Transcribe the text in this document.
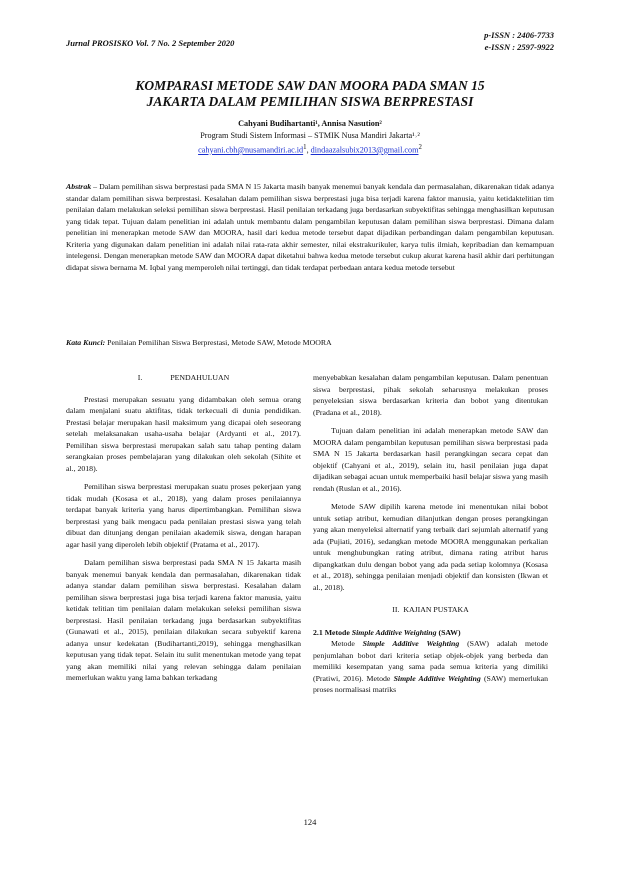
Jurnal PROSISKO Vol. 7 No. 2 September 2020
p-ISSN : 2406-7733
e-ISSN : 2597-9922
KOMPARASI METODE SAW DAN MOORA PADA SMAN 15
JAKARTA DALAM PEMILIHAN SISWA BERPRESTASI
Cahyani Budihartanti¹, Annisa Nasution²
Program Studi Sistem Informasi – STMIK Nusa Mandiri Jakarta¹˒²
$cahyani.cbh@nusamandiri.ac.id^1$, dindaazalsubix2013@gmail.com$^2$
Abstrak – Dalam pemilihan siswa berprestasi pada SMA N 15 Jakarta masih banyak menemui banyak kendala dan permasalahan, dikarenakan tidak adanya standar dalam pemilihan siswa berprestasi. Kesalahan dalam pemilihan siswa berprestasi juga bisa terjadi karena faktor manusia, yaitu ketidaktelitian tim penilaian dalam melakukan seleksi pemilihan siswa berprestasi. Hasil penilaian terkadang juga berdasarkan subyektifitas sehingga menghasilkan keputusan yang tidak tepat. Tujuan dalam penelitian ini adalah untuk membantu dalam pengambilan keputusan dalam pemilihan siswa berprestasi. Dimana dalam penelitian ini menerapkan metode SAW dan MOORA, hasil dari kedua metode tersebut dapat dijadikan perbandingan dalam pengambilan keputusan. Kriteria yang digunakan dalam penelitian ini adalah nilai rata-rata akhir semester, nilai ekstrakurikuler, karya tulis ilmiah, kepribadian dan kemampuan intelegensi. Dengan menerapkan metode SAW dan MOORA dapat diketahui bahwa kedua metode tersebut cukup akurat karena hasil akhir dari perhitungan didapat siswa bernama M. Iqbal yang memperoleh nilai tertinggi, dan tidak terdapat perbedaan antara kedua metode tersebut
Kata Kunci: Penilaian Pemilihan Siswa Berprestasi, Metode SAW, Metode MOORA
I.	PENDAHULUAN

Prestasi merupakan sesuatu yang didambakan oleh semua orang dalam menjalani suatu aktifitas, tidak terkecuali di dunia pendidikan. Prestasi belajar merupakan hasil maksimum yang dicapai oleh seseorang setelah melaksanakan usaha-usaha belajar (Ardyanti et al., 2017). Pemilihan siswa berprestasi merupakan salah satu tahap penting dalam serangkaian proses pembelajaran yang dilakukan oleh sekolah (Sihite et al., 2018).

Pemilihan siswa berprestasi merupakan suatu proses pekerjaan yang tidak mudah (Kosasa et al., 2018), yang dalam proses penilaiannya terdapat banyak kriteria yang harus dipertimbangkan. Pemilihan siswa berprestasi yang baik mengacu pada penilaian prestasi siswa yang telah dibuat dan ditunjang dengan penilaian akademik siswa, dengan harapan agar hasil yang diperoleh lebih objektif (Pratama et al., 2017).

Dalam pemilihan siswa berprestasi pada SMA N 15 Jakarta masih banyak menemui banyak kendala dan permasalahan, dikarenakan tidak adanya standar dalam pemilihan siswa berprestasi. Kesalahan dalam pemilihan siswa berprestasi juga bisa terjadi karena faktor manusia, yaitu ketidak telitian tim penilaian dalam melakukan seleksi pemilihan siswa berprestasi. Hasil penilaian terkadang juga berdasarkan subyektifitas (Gunawati et al., 2015), penilaian dilakukan secara subyektif karena adanya unsur kedekatan (Budihartanti,2019), sehingga menghasilkan keputusan yang tidak tepat. Selain itu sulit menentukan metode yang tepat yang akan memiliki nilai yang relevan sehingga dalam penilaian memerlukan waktu yang lama bahkan terkadang

menyebabkan kesalahan dalam pengambilan keputusan. Dalam penentuan siswa berprestasi, pihak sekolah seharusnya melakukan proses penyeleksian siswa berdasarkan kriteria dan bobot yang ditentukan (Pradana et al., 2018).

Tujuan dalam penelitian ini adalah menerapkan metode SAW dan MOORA dalam pengambilan keputusan pemilihan siswa berprestasi pada SMA N 15 Jakarta berdasarkan hasil perangkingan secara cepat dan objektif (Cahyani et al., 2019), selain itu, hasil penilaian juga dapat dijadikan sebagai acuan untuk memperbaiki hasil belajar siswa yang masih rendah (Ruslan et al., 2016).

Metode SAW dipilih karena metode ini menentukan nilai bobot untuk setiap atribut, kemudian dilanjutkan dengan proses perangkingan yang akan menyeleksi alternatif yang terbaik dari sejumlah alternatif yang ada (Pujiati, 2016), sedangkan metode MOORA menggunakan perkalian untuk menghubungkan rating atribut, dimana rating atribut harus dipangkatkan dulu dengan bobot yang ada pada setiap kolomnya (Kosasa et al., 2018), sehingga penilaian menjadi objektif dan konsisten (Ikwan et al., 2018).

II. KAJIAN PUSTAKA
2.1 Metode Simple Additive Weighting (SAW)

Metode Simple Additive Weighting (SAW) adalah metode penjumlahan bobot dari kriteria setiap objek-objek yang berbeda dan memiliki kesempatan yang sama pada semua kriteria yang dimiliki (Pratiwi, 2016). Metode Simple Additive Weighting (SAW) memerlukan proses normalisasi matriks

124
